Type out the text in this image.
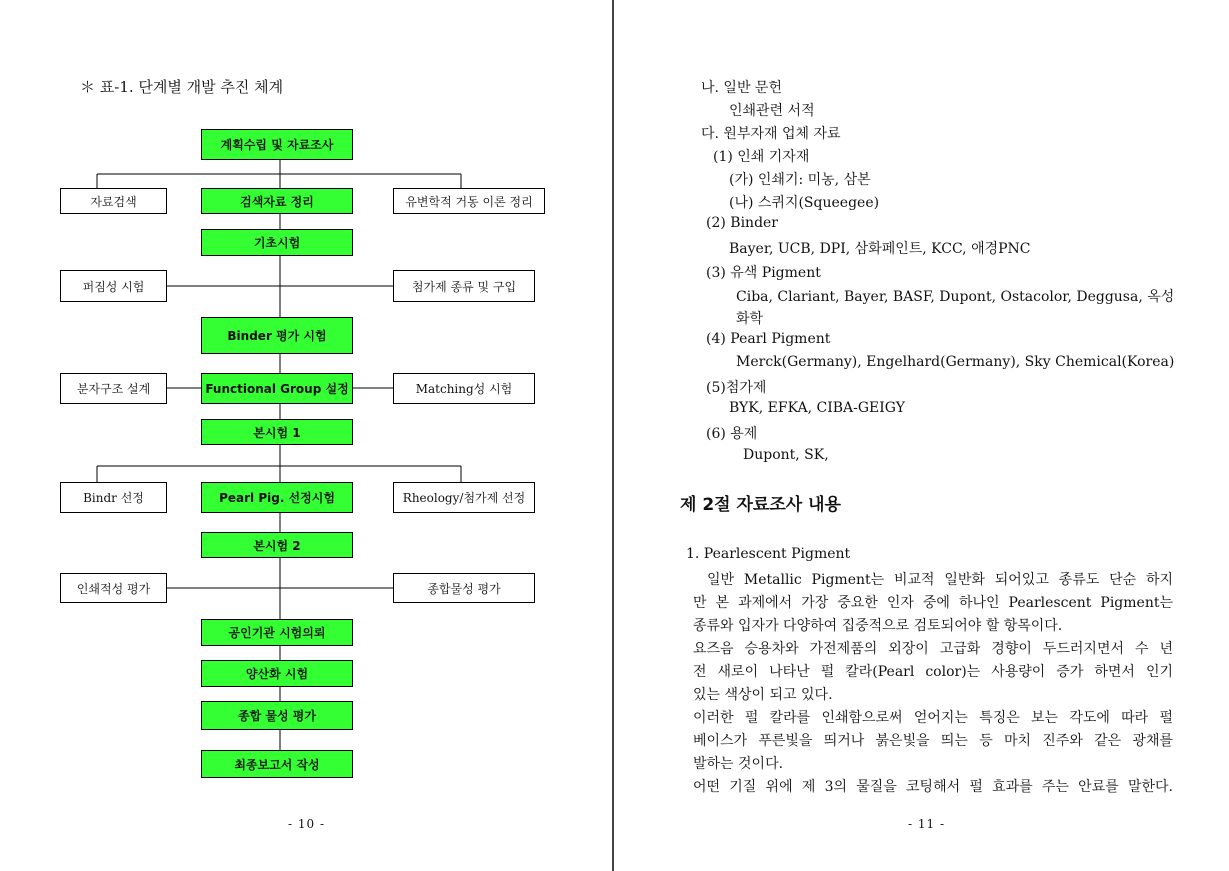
＊ 표-1. 단계별 개발 추진 체계
계획수립 및 자료조사
자료검색	검색자료 정리	유변학적 거동 이론 정리
기초시험
퍼짐성 시험	첨가제 종류 및 구입
Binder 평가 시험
분자구조 설계	Functional Group 설정	Matching성 시험
본시험 1
Bindr 선정	Pearl Pig. 선정시험	Rheology/첨가제 선정
본시험 2
인쇄적성 평가	종합물성 평가
공인기관 시험의뢰
양산화 시험
종합 물성 평가
최종보고서 작성
- 10 -
나. 일반 문헌
인쇄관련 서적
다. 원부자재 업체 자료
(1) 인쇄 기자재
(가) 인쇄기: 미농, 삼본
(나) 스퀴지(Squeegee)
(2) Binder
Bayer, UCB, DPI, 삼화페인트, KCC, 애경PNC
(3) 유색 Pigment
Ciba, Clariant, Bayer, BASF, Dupont, Ostacolor, Deggusa, 옥성
화학
(4) Pearl Pigment
Merck(Germany), Engelhard(Germany), Sky Chemical(Korea)
(5)첨가제
BYK, EFKA, CIBA-GEIGY
(6) 용제
Dupont, SK,
제 2절 자료조사 내용
1. Pearlescent Pigment
일반 Metallic Pigment는 비교적 일반화 되어있고 종류도 단순 하지
만 본 과제에서 가장 중요한 인자 중에 하나인 Pearlescent Pigment는
종류와 입자가 다양하여 집중적으로 검토되어야 할 항목이다.
요즈음 승용차와 가전제품의 외장이 고급화 경향이 두드러지면서 수 년
전 새로이 나타난 펄 칼라(Pearl color)는 사용량이 증가 하면서 인기
있는 색상이 되고 있다.
이러한 펄 칼라를 인쇄함으로써 얻어지는 특징은 보는 각도에 따라 펄
베이스가 푸른빛을 띄거나 붉은빛을 띄는 등 마치 진주와 같은 광채를
발하는 것이다.
어떤 기질 위에 제 3의 물질을 코팅해서 펄 효과를 주는 안료를 말한다.
- 11 -
